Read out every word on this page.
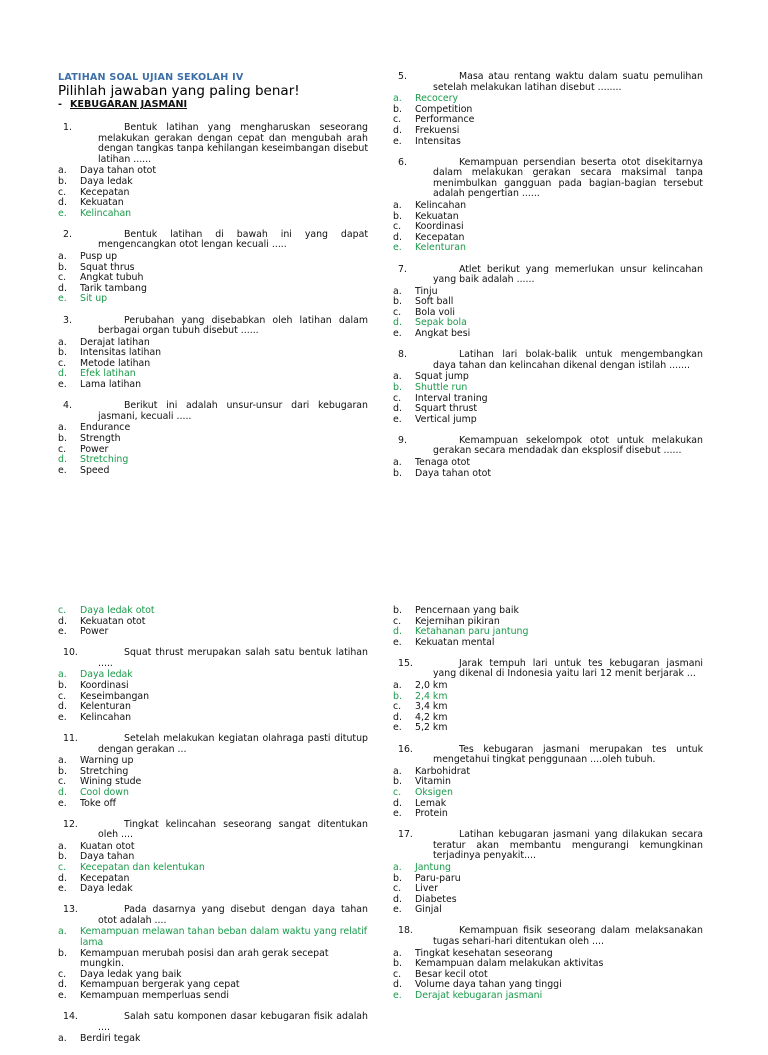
LATIHAN SOAL UJIAN SEKOLAH IV

Pilihlah jawaban yang paling benar!

- KEBUGARAN JASMANI

1.	Bentuk latihan yang mengharuskan seseorang melakukan gerakan dengan cepat dan mengubah arah dengan tangkas tanpa kehilangan keseimbangan disebut latihan ......
a.	Daya tahan otot
b.	Daya ledak
c.	Kecepatan
d.	Kekuatan
e.	Kelincahan
2.	Bentuk latihan di bawah ini yang dapat mengencangkan otot lengan kecuali .....
a.	Pusp up
b.	Squat thrus
c.	Angkat tubuh
d.	Tarik tambang
e.	Sit up
3.	Perubahan yang disebabkan oleh latihan dalam berbagai organ tubuh disebut ......
a.	Derajat latihan
b.	Intensitas latihan
c.	Metode latihan
d.	Efek latihan
e.	Lama latihan
4.	Berikut ini adalah unsur-unsur dari kebugaran jasmani, kecuali .....
a.	Endurance
b.	Strength
c.	Power
d.	Stretching
e.	Speed
5.	Masa atau rentang waktu dalam suatu pemulihan setelah melakukan latihan disebut ........
a.	Recocery
b.	Competition
c.	Performance
d.	Frekuensi
e.	Intensitas
6.	Kemampuan persendian beserta otot disekitarnya dalam melakukan gerakan secara maksimal tanpa menimbulkan gangguan pada bagian-bagian tersebut adalah pengertian ......
a.	Kelincahan
b.	Kekuatan
c.	Koordinasi
d.	Kecepatan
e.	Kelenturan
7.	Atlet berikut yang memerlukan unsur kelincahan yang baik adalah ......
a.	Tinju
b.	Soft ball
c.	Bola voli
d.	Sepak bola
e.	Angkat besi
8.	Latihan lari bolak-balik untuk mengembangkan daya tahan dan kelincahan dikenal dengan istilah .......
a.	Squat jump
b.	Shuttle run
c.	Interval traning
d.	Squart thrust
e.	Vertical jump
9.	Kemampuan sekelompok otot untuk melakukan gerakan secara mendadak dan eksplosif disebut ......
a.	Tenaga otot
b.	Daya tahan otot
c.	Daya ledak otot
d.	Kekuatan otot
e.	Power
10.	Squat thrust merupakan salah satu bentuk latihan .....
a.	Daya ledak
b.	Koordinasi
c.	Keseimbangan
d.	Kelenturan
e.	Kelincahan
11.	Setelah melakukan kegiatan olahraga pasti ditutup dengan gerakan ...
a.	Warning up
b.	Stretching
c.	Wining stude
d.	Cool down
e.	Toke off
12.	Tingkat kelincahan seseorang sangat ditentukan oleh ....
a.	Kuatan otot
b.	Daya tahan
c.	Kecepatan dan kelentukan
d.	Kecepatan
e.	Daya ledak
13.	Pada dasarnya yang disebut dengan daya tahan otot adalah ....
a.	Kemampuan melawan tahan beban dalam waktu yang relatif lama
b.	Kemampuan merubah posisi dan arah gerak secepat mungkin.
c.	Daya ledak yang baik
d.	Kemampuan bergerak yang cepat
e.	Kemampuan memperluas sendi
14.	Salah satu komponen dasar kebugaran fisik adalah ....
a.	Berdiri tegak
b.	Pencernaan yang baik
c.	Kejernihan pikiran
d.	Ketahanan paru jantung
e.	Kekuatan mental
15.	Jarak tempuh lari untuk tes kebugaran jasmani yang dikenal di Indonesia yaitu lari 12 menit berjarak ...
a.	2,0 km
b.	2,4 km
c.	3,4 km
d.	4,2 km
e.	5,2 km
16.	Tes kebugaran jasmani merupakan tes untuk mengetahui tingkat penggunaan ....oleh tubuh.
a.	Karbohidrat
b.	Vitamin
c.	Oksigen
d.	Lemak
e.	Protein
17.	Latihan kebugaran jasmani yang dilakukan secara teratur akan membantu mengurangi kemungkinan terjadinya penyakit....
a.	Jantung
b.	Paru-paru
c.	Liver
d.	Diabetes
e.	Ginjal
18.	Kemampuan fisik seseorang dalam melaksanakan tugas sehari-hari ditentukan oleh ....
a.	Tingkat kesehatan seseorang
b.	Kemampuan dalam melakukan aktivitas
c.	Besar kecil otot
d.	Volume daya tahan yang tinggi
e.	Derajat kebugaran jasmani
